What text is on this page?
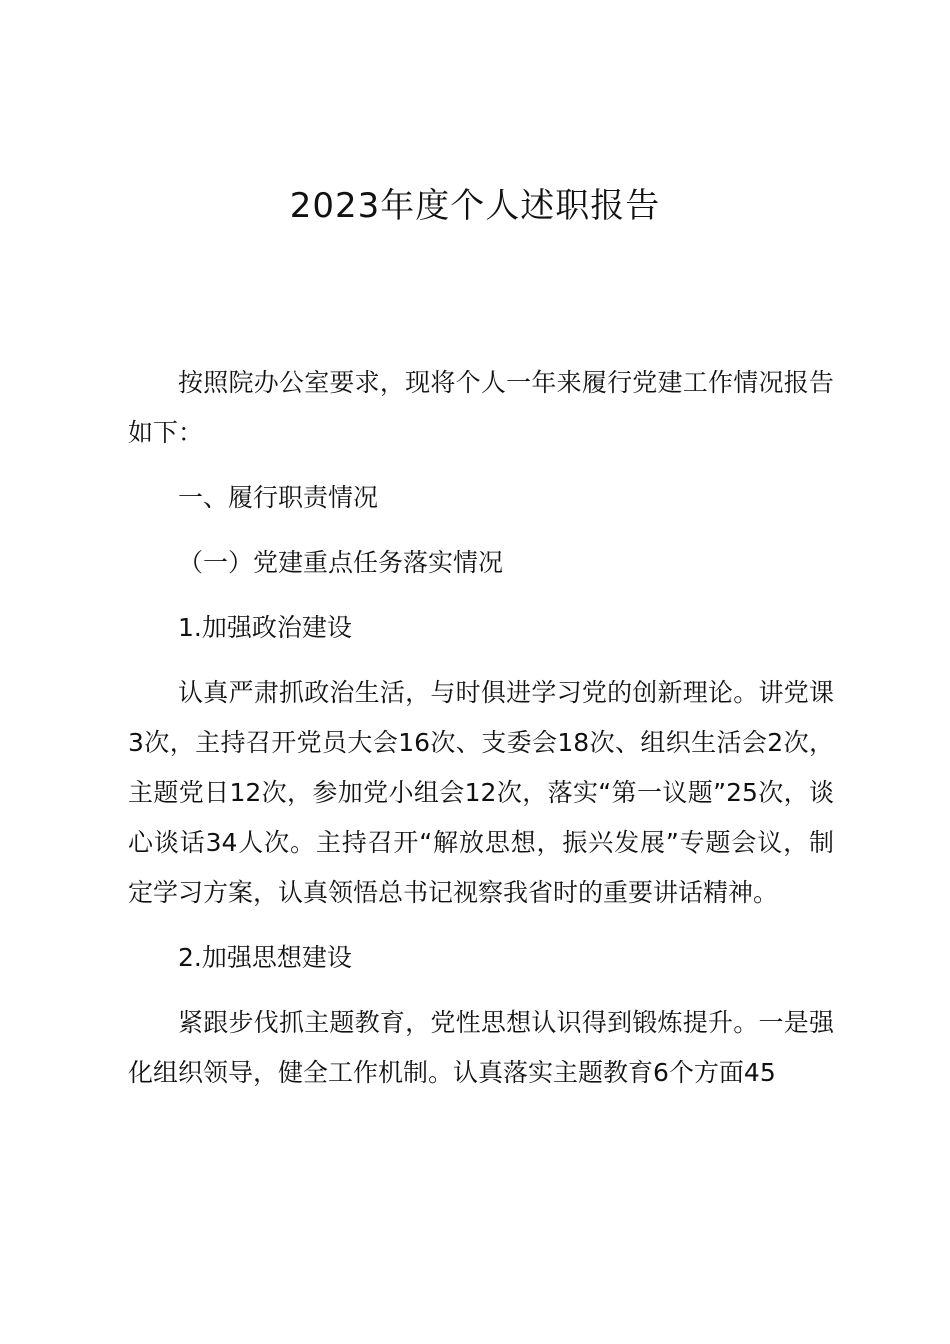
2023年度个人述职报告

按照院办公室要求，现将个人一年来履行党建工作情况报告如下：

一、履行职责情况

（一）党建重点任务落实情况

1.加强政治建设

认真严肃抓政治生活，与时俱进学习党的创新理论。讲党课3次，主持召开党员大会16次、支委会18次、组织生活会2次，主题党日12次，参加党小组会12次，落实“第一议题”25次，谈心谈话34人次。主持召开“解放思想，振兴发展”专题会议，制定学习方案，认真领悟总书记视察我省时的重要讲话精神。

2.加强思想建设

紧跟步伐抓主题教育，党性思想认识得到锻炼提升。一是强化组织领导，健全工作机制。认真落实主题教育6个方面45
